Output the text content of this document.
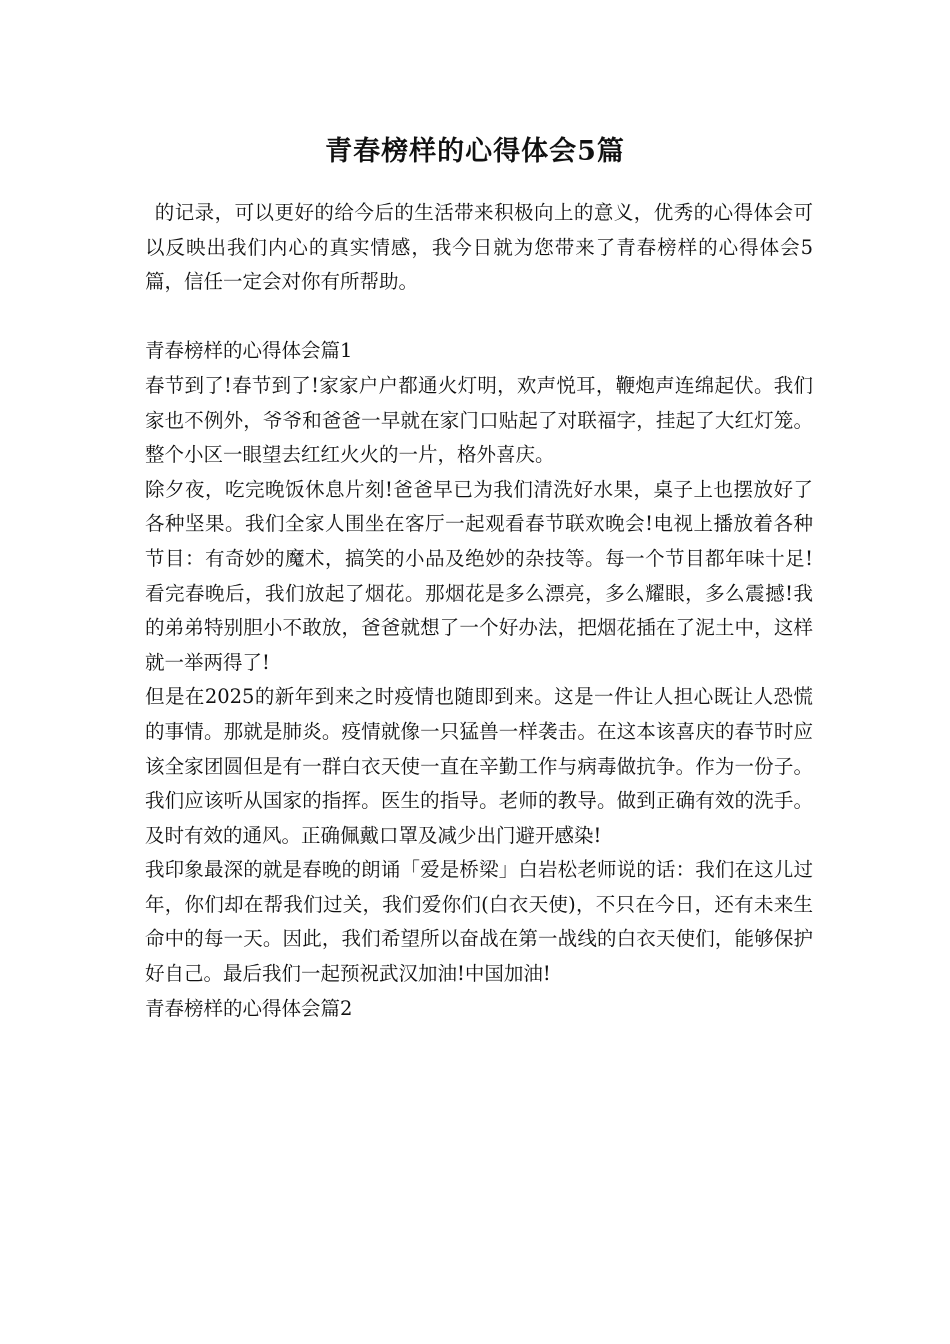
青春榜样的心得体会5篇

的记录，可以更好的给今后的生活带来积极向上的意义，优秀的心得体会可以反映出我们内心的真实情感，我今日就为您带来了青春榜样的心得体会5篇，信任一定会对你有所帮助。

青春榜样的心得体会篇1

春节到了!春节到了!家家户户都通火灯明，欢声悦耳，鞭炮声连绵起伏。我们家也不例外，爷爷和爸爸一早就在家门口贴起了对联福字，挂起了大红灯笼。整个小区一眼望去红红火火的一片，格外喜庆。

除夕夜，吃完晚饭休息片刻!爸爸早已为我们清洗好水果，桌子上也摆放好了各种坚果。我们全家人围坐在客厅一起观看春节联欢晚会!电视上播放着各种节目：有奇妙的魔术，搞笑的小品及绝妙的杂技等。每一个节目都年味十足!看完春晚后，我们放起了烟花。那烟花是多么漂亮，多么耀眼，多么震撼!我的弟弟特别胆小不敢放，爸爸就想了一个好办法，把烟花插在了泥土中，这样就一举两得了!

但是在2025的新年到来之时疫情也随即到来。这是一件让人担心既让人恐慌的事情。那就是肺炎。疫情就像一只猛兽一样袭击。在这本该喜庆的春节时应该全家团圆但是有一群白衣天使一直在辛勤工作与病毒做抗争。作为一份子。我们应该听从国家的指挥。医生的指导。老师的教导。做到正确有效的洗手。及时有效的通风。正确佩戴口罩及减少出门避开感染!

我印象最深的就是春晚的朗诵「爱是桥梁」白岩松老师说的话：我们在这儿过年，你们却在帮我们过关，我们爱你们(白衣天使)，不只在今日，还有未来生命中的每一天。因此，我们希望所以奋战在第一战线的白衣天使们，能够保护好自己。最后我们一起预祝武汉加油!中国加油!

青春榜样的心得体会篇2
